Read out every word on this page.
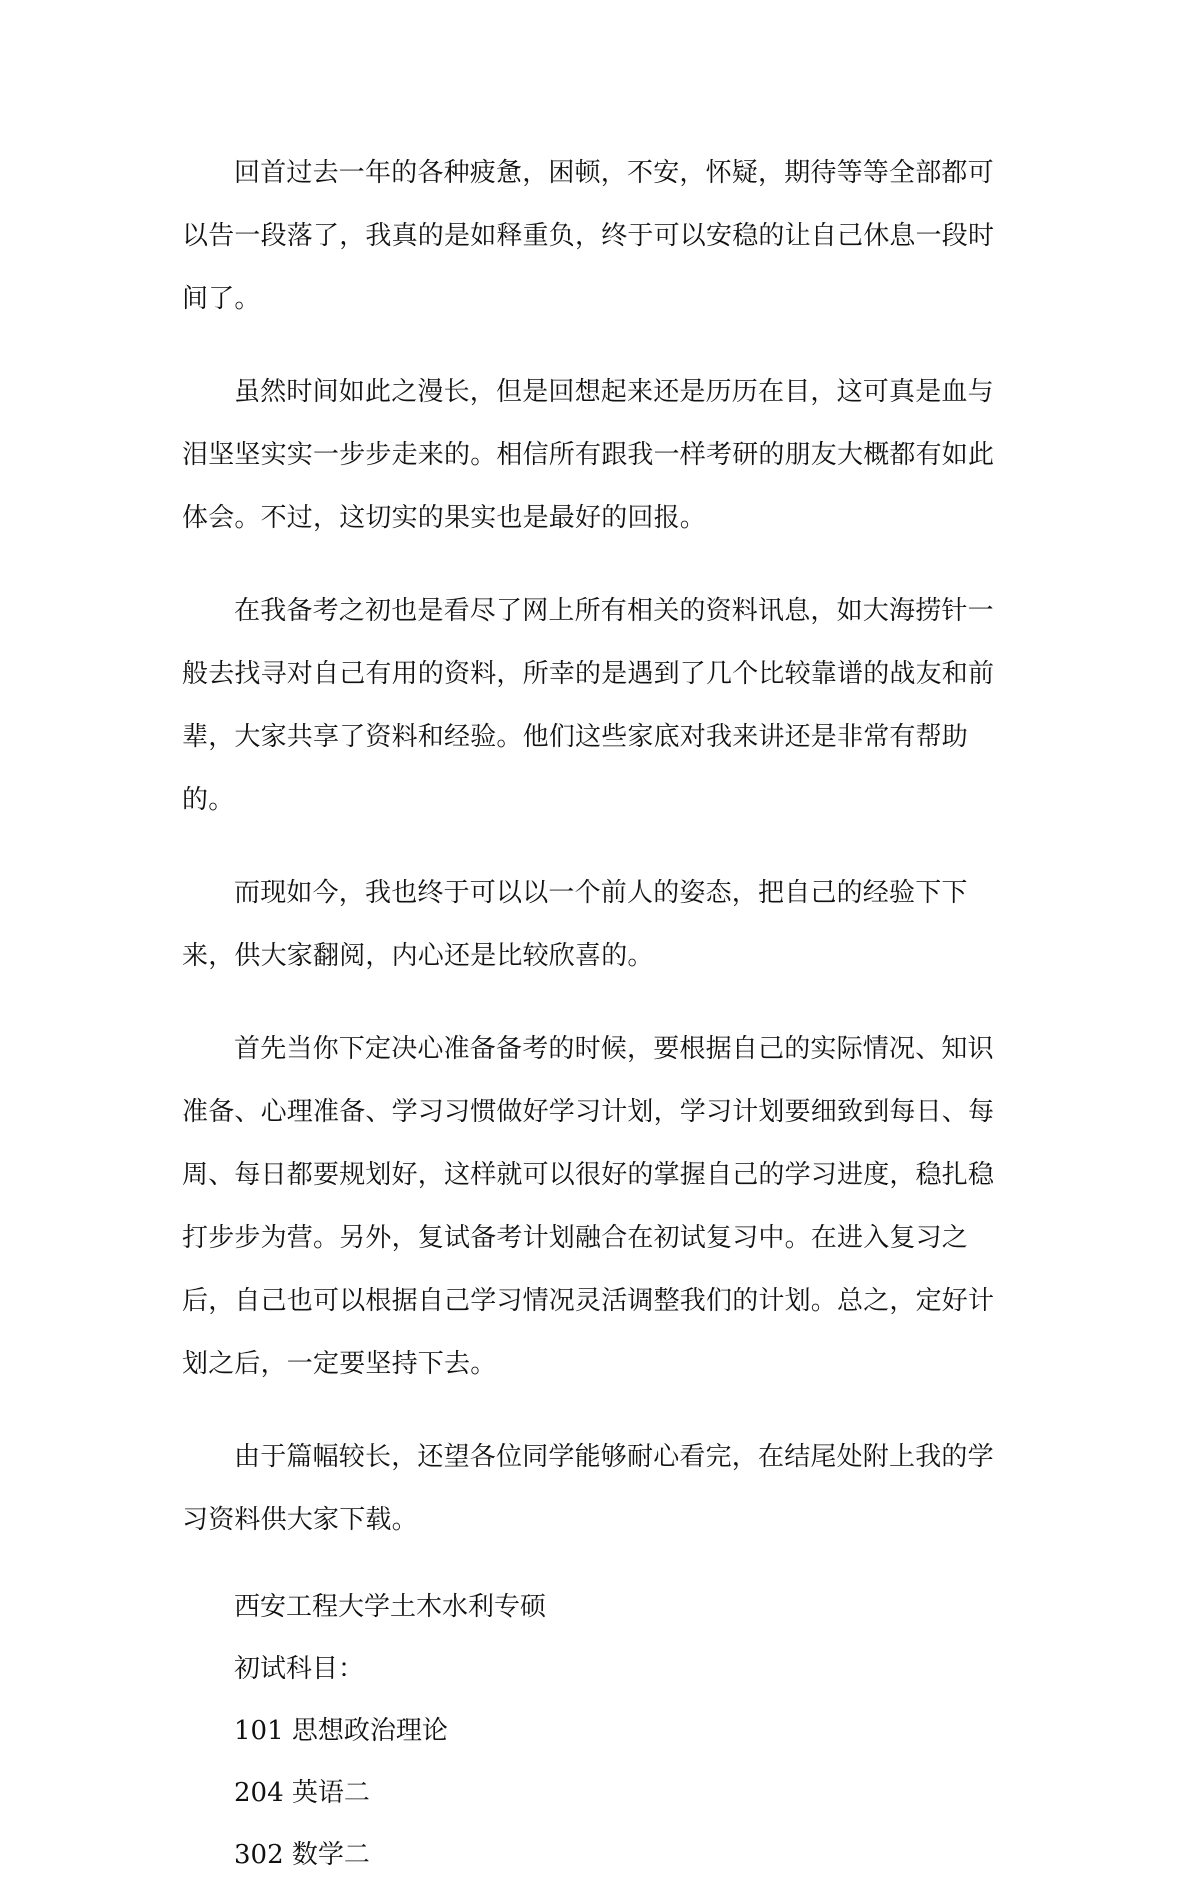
回首过去一年的各种疲惫，困顿，不安，怀疑，期待等等全部都可以告一段落了，我真的是如释重负，终于可以安稳的让自己休息一段时间了。

虽然时间如此之漫长，但是回想起来还是历历在目，这可真是血与泪坚坚实实一步步走来的。相信所有跟我一样考研的朋友大概都有如此体会。不过，这切实的果实也是最好的回报。

在我备考之初也是看尽了网上所有相关的资料讯息，如大海捞针一般去找寻对自己有用的资料，所幸的是遇到了几个比较靠谱的战友和前辈，大家共享了资料和经验。他们这些家底对我来讲还是非常有帮助的。

而现如今，我也终于可以以一个前人的姿态，把自己的经验下下来，供大家翻阅，内心还是比较欣喜的。

首先当你下定决心准备备考的时候，要根据自己的实际情况、知识准备、心理准备、学习习惯做好学习计划，学习计划要细致到每日、每周、每日都要规划好，这样就可以很好的掌握自己的学习进度，稳扎稳打步步为营。另外，复试备考计划融合在初试复习中。在进入复习之后，自己也可以根据自己学习情况灵活调整我们的计划。总之，定好计划之后，一定要坚持下去。

由于篇幅较长，还望各位同学能够耐心看完，在结尾处附上我的学习资料供大家下载。

西安工程大学土木水利专硕

初试科目：

101 思想政治理论

204 英语二

302 数学二
